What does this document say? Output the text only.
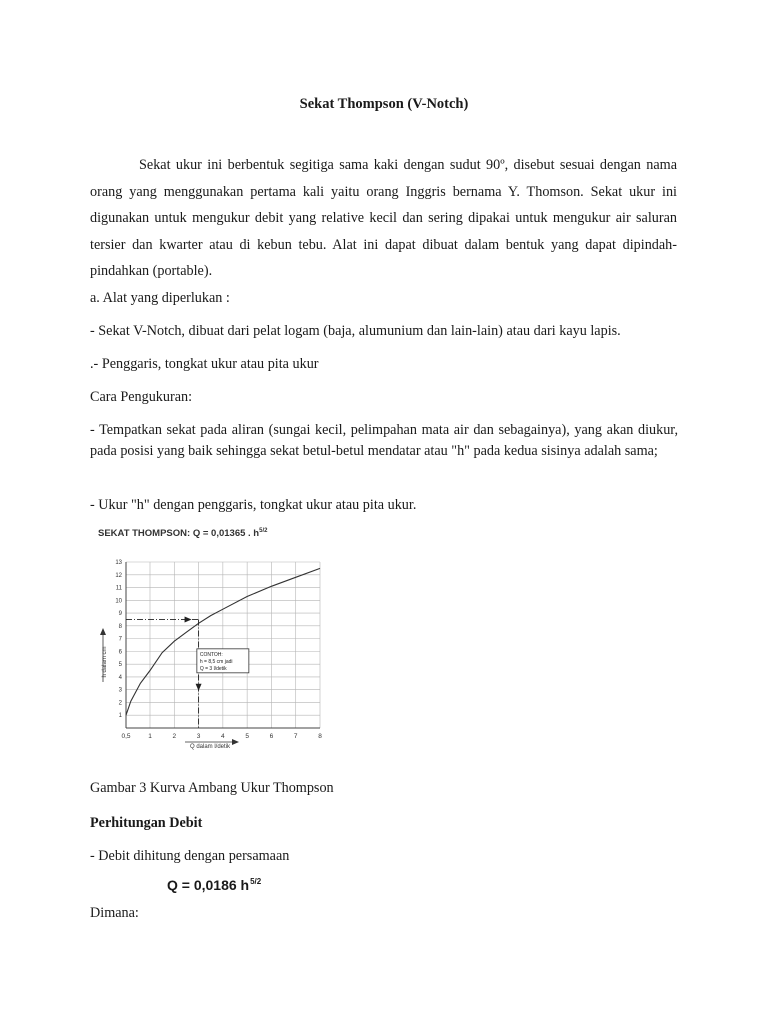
Sekat Thompson (V-Notch)
Sekat ukur ini berbentuk segitiga sama kaki dengan sudut 90º, disebut sesuai dengan nama orang yang menggunakan pertama kali yaitu orang Inggris bernama Y. Thomson. Sekat ukur ini digunakan untuk mengukur debit yang relative kecil dan sering dipakai untuk mengukur air saluran tersier dan kwarter atau di kebun tebu. Alat ini dapat dibuat dalam bentuk yang dapat dipindah-pindahkan (portable).
a. Alat yang diperlukan :
- Sekat V-Notch, dibuat dari pelat logam (baja, alumunium dan lain-lain) atau dari kayu lapis.
.- Penggaris, tongkat ukur atau pita ukur
Cara Pengukuran:
- Tempatkan sekat pada aliran (sungai kecil, pelimpahan mata air dan sebagainya), yang akan diukur, pada posisi yang baik sehingga sekat betul-betul mendatar atau "h" pada kedua sisinya adalah sama;
- Ukur "h" dengan penggaris, tongkat ukur atau pita ukur.
SEKAT THOMPSON: Q = 0,01365 . $h^{5/2}$
0,5	1	2	3	4	5	6	7	8
1
2
3
4
5
6
7
8
9
10
11
12
13
Q dalam l/detik
h dalam cm	CONTOH:
h = 8,5 cm jadi
Q = 3 l/detik
Gambar 3 Kurva Ambang Ukur Thompson
Perhitungan Debit
- Debit dihitung dengan persamaan
Q = 0,0186 $h^{5/2}$
Dimana:
